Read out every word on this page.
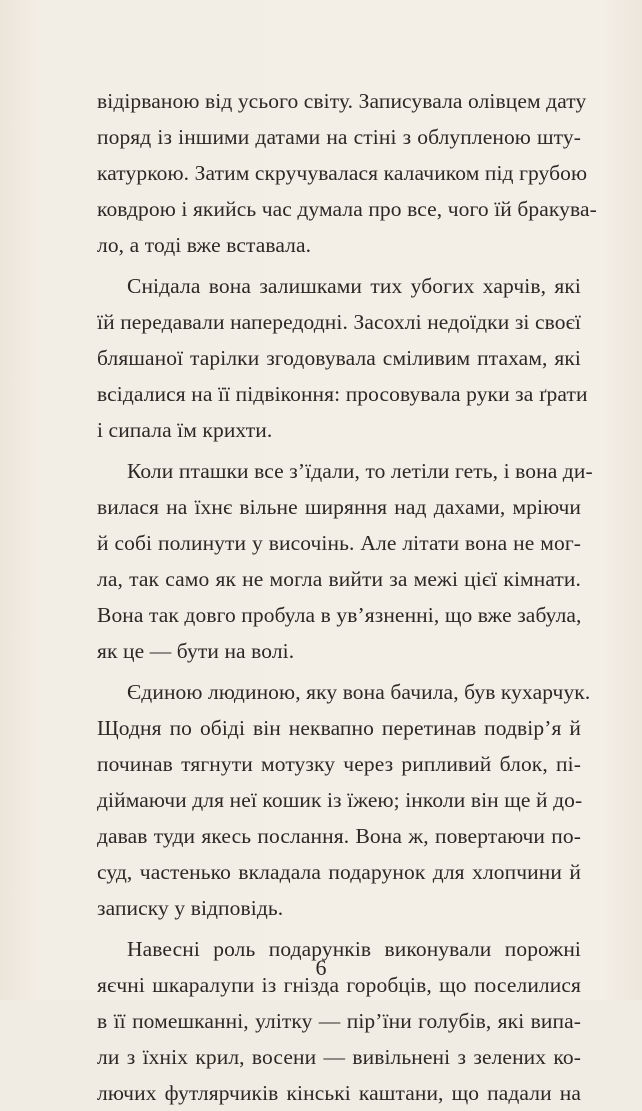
відірваною від усього світу. Записувала олівцем дату
поряд із іншими датами на стіні з облупленою шту-
катуркою. Затим скручувалася калачиком під грубою
ковдрою і якийсь час думала про все, чого їй бракува-
ло, а тоді вже вставала.

Снідала вона залишками тих убогих харчів, які
їй передавали напередодні. Засохлі недоїдки зі своєї
бляшаної тарілки згодовувала сміливим птахам, які
всідалися на її підвіконня: просовувала руки за ґрати
і сипала їм крихти.

Коли пташки все з’їдали, то летіли геть, і вона ди-
вилася на їхнє вільне ширяння над дахами, мріючи
й собі полинути у височінь. Але літати вона не мог-
ла, так само як не могла вийти за межі цієї кімнати.
Вона так довго пробула в ув’язненні, що вже забула,
як це — бути на волі.

Єдиною людиною, яку вона бачила, був кухарчук.
Щодня по обіді він неквапно перетинав подвір’я й
починав тягнути мотузку через рипливий блок, пі-
діймаючи для неї кошик із їжею; інколи він ще й до-
давав туди якесь послання. Вона ж, повертаючи по-
суд, частенько вкладала подарунок для хлопчини й
записку у відповідь.

Навесні роль подарунків виконували порожні
яєчні шкаралупи із гнізда горобців, що поселилися
в її помешканні, улітку — пір’їни голубів, які випа-
ли з їхніх крил, восени — вивільнені з зелених ко-
лючих футлярчиків кінські каштани, що падали на

6
